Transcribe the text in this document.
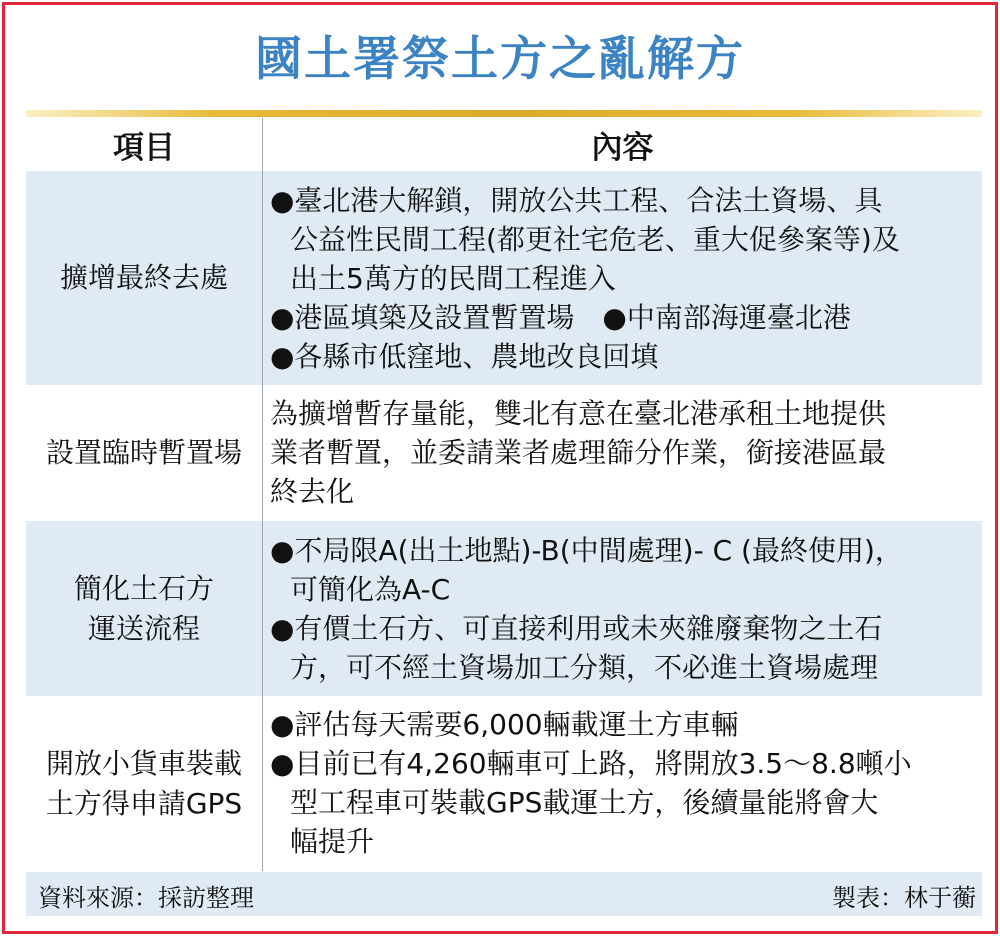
國土署祭土方之亂解方
項目	內容
擴增最終去處
●臺北港大解鎖，開放公共工程、合法土資場、具
公益性民間工程(都更社宅危老、重大促參案等)及
出土5萬方的民間工程進入
●港區填築及設置暫置場　●中南部海運臺北港
●各縣市低窪地、農地改良回填
設置臨時暫置場
為擴增暫存量能，雙北有意在臺北港承租土地提供
業者暫置，並委請業者處理篩分作業，銜接港區最
終去化
簡化土石方
運送流程
●不局限A(出土地點)-B(中間處理)- C (最終使用)，
可簡化為A-C
●有價土石方、可直接利用或未夾雜廢棄物之土石
方，可不經土資場加工分類，不必進土資場處理
開放小貨車裝載
土方得申請GPS
●評估每天需要6,000輛載運土方車輛
●目前已有4,260輛車可上路，將開放3.5～8.8噸小
型工程車可裝載GPS載運土方，後續量能將會大
幅提升
資料來源：採訪整理	製表：林于蘅
